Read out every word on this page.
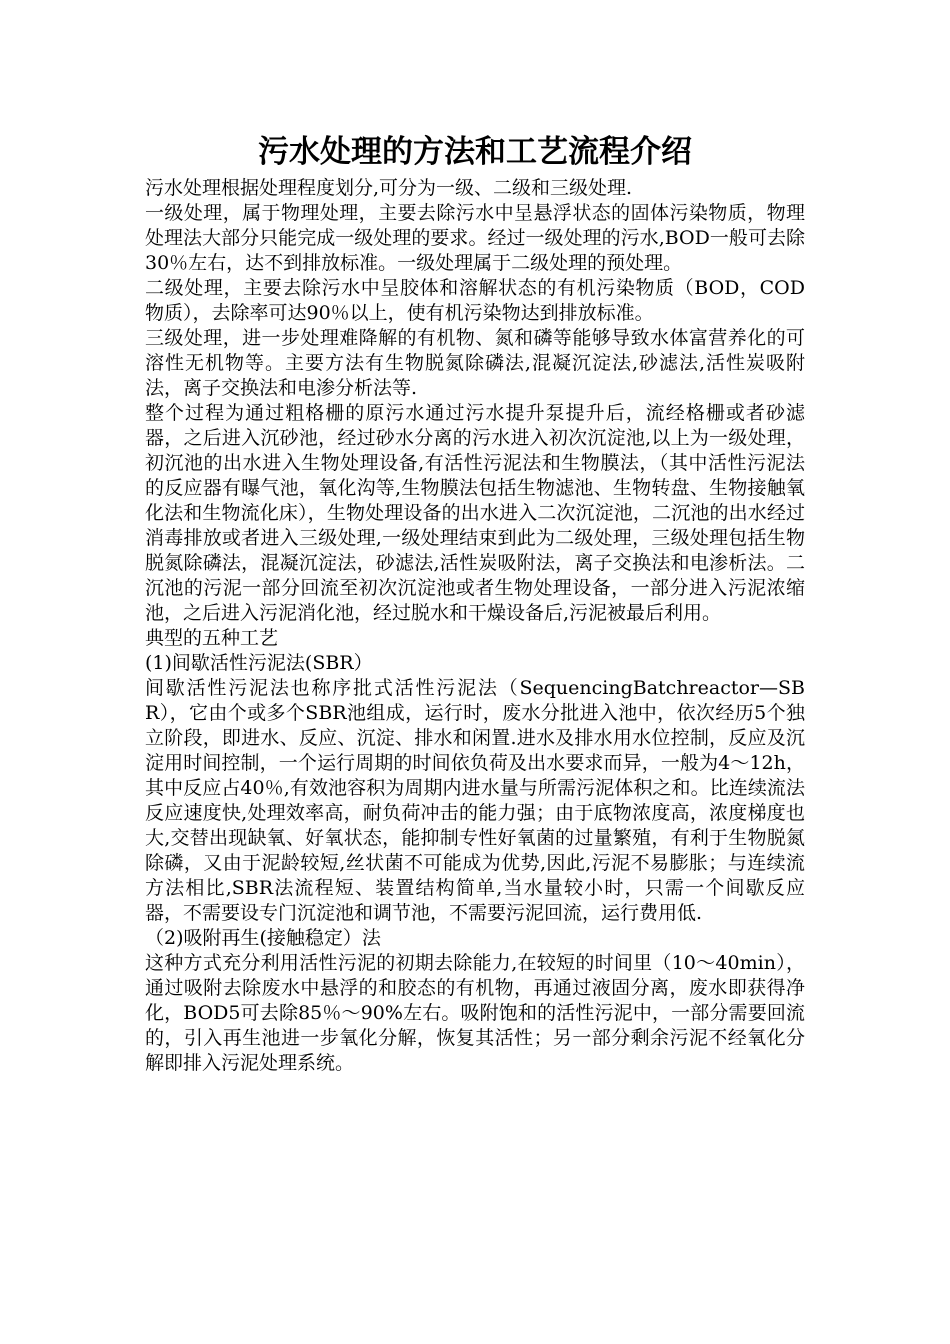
污水处理的方法和工艺流程介绍

污水处理根据处理程度划分,可分为一级、二级和三级处理.

一级处理，属于物理处理，主要去除污水中呈悬浮状态的固体污染物质，物理处理法大部分只能完成一级处理的要求。经过一级处理的污水,BOD一般可去除30％左右，达不到排放标准。一级处理属于二级处理的预处理。

二级处理，主要去除污水中呈胶体和溶解状态的有机污染物质（BOD，COD物质），去除率可达90％以上，使有机污染物达到排放标准。

三级处理，进一步处理难降解的有机物、氮和磷等能够导致水体富营养化的可溶性无机物等。主要方法有生物脱氮除磷法,混凝沉淀法,砂滤法,活性炭吸附法，离子交换法和电渗分析法等.

整个过程为通过粗格栅的原污水通过污水提升泵提升后，流经格栅或者砂滤器，之后进入沉砂池，经过砂水分离的污水进入初次沉淀池,以上为一级处理，初沉池的出水进入生物处理设备,有活性污泥法和生物膜法，（其中活性污泥法的反应器有曝气池，氧化沟等,生物膜法包括生物滤池、生物转盘、生物接触氧化法和生物流化床），生物处理设备的出水进入二次沉淀池，二沉池的出水经过消毒排放或者进入三级处理,一级处理结束到此为二级处理，三级处理包括生物脱氮除磷法，混凝沉淀法，砂滤法,活性炭吸附法，离子交换法和电渗析法。二沉池的污泥一部分回流至初次沉淀池或者生物处理设备，一部分进入污泥浓缩池，之后进入污泥消化池，经过脱水和干燥设备后,污泥被最后利用。

典型的五种工艺

(1)间歇活性污泥法(SBR）

间歇活性污泥法也称序批式活性污泥法（SequencingBatchreactor—SBR），它由个或多个SBR池组成，运行时，废水分批进入池中，依次经历5个独立阶段，即进水、反应、沉淀、排水和闲置.进水及排水用水位控制，反应及沉淀用时间控制，一个运行周期的时间依负荷及出水要求而异，一般为4～12h，其中反应占40％,有效池容积为周期内进水量与所需污泥体积之和。比连续流法反应速度快,处理效率高，耐负荷冲击的能力强；由于底物浓度高，浓度梯度也大,交替出现缺氧、好氧状态，能抑制专性好氧菌的过量繁殖，有利于生物脱氮除磷，又由于泥龄较短,丝状菌不可能成为优势,因此,污泥不易膨胀；与连续流方法相比,SBR法流程短、装置结构简单,当水量较小时，只需一个间歇反应器，不需要设专门沉淀池和调节池，不需要污泥回流，运行费用低.

（2)吸附再生(接触稳定）法

这种方式充分利用活性污泥的初期去除能力,在较短的时间里（10～40min），通过吸附去除废水中悬浮的和胶态的有机物，再通过液固分离，废水即获得净化，BOD5可去除85％～90%左右。吸附饱和的活性污泥中，一部分需要回流的，引入再生池进一步氧化分解，恢复其活性；另一部分剩余污泥不经氧化分解即排入污泥处理系统。
